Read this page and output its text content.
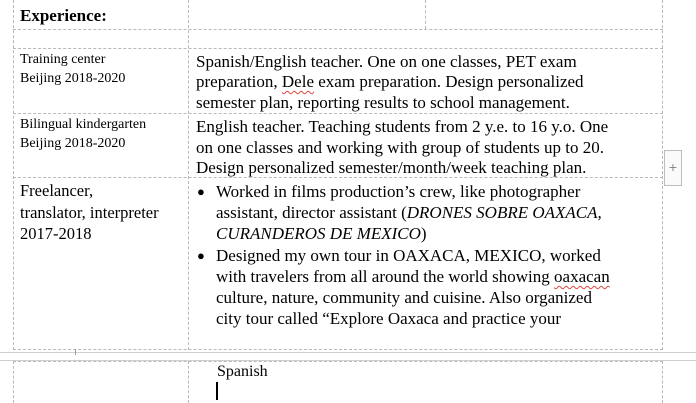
Experience:
Training center
Beijing 2018-2020
Spanish/English teacher. One on one classes, PET exam
preparation, Dele exam preparation. Design personalized
semester plan, reporting results to school management.
Bilingual kindergarten
Beijing 2018-2020
English teacher. Teaching students from 2 y.e. to 16 y.o. One
on one classes and working with group of students up to 20.
Design personalized semester/month/week teaching plan.
Freelancer,
translator, interpreter
2017-2018
● Worked in films production’s crew, like photographer
assistant, director assistant (DRONES SOBRE OAXACA,
CURANDEROS DE MEXICO)
● Designed my own tour in OAXACA, MEXICO, worked
with travelers from all around the world showing oaxacan
culture, nature, community and cuisine. Also organized
city tour called “Explore Oaxaca and practice your
Spanish
+
